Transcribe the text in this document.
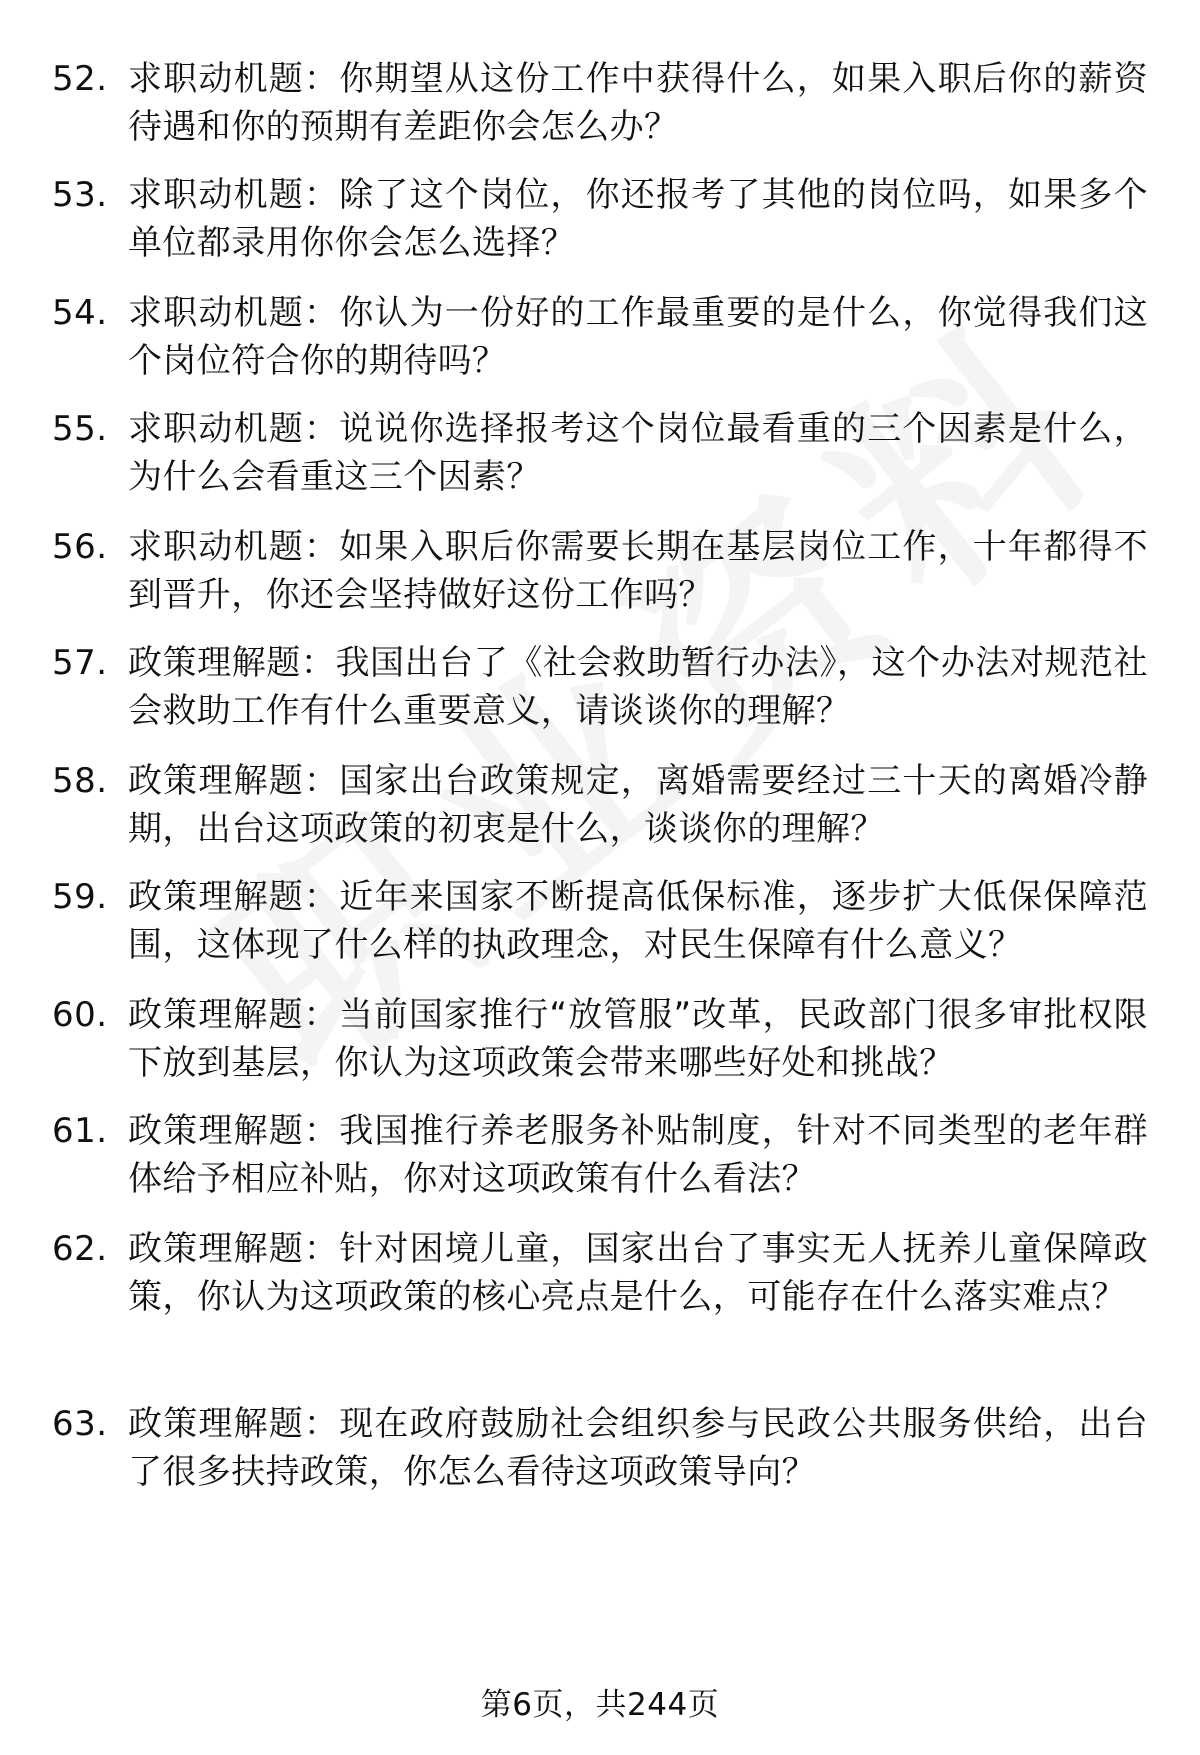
52. 求职动机题：你期望从这份工作中获得什么，如果入职后你的薪资待遇和你的预期有差距你会怎么办？
53. 求职动机题：除了这个岗位，你还报考了其他的岗位吗，如果多个单位都录用你你会怎么选择？
54. 求职动机题：你认为一份好的工作最重要的是什么，你觉得我们这个岗位符合你的期待吗？
55. 求职动机题：说说你选择报考这个岗位最看重的三个因素是什么，为什么会看重这三个因素？
56. 求职动机题：如果入职后你需要长期在基层岗位工作，十年都得不到晋升，你还会坚持做好这份工作吗？
57. 政策理解题：我国出台了《社会救助暂行办法》，这个办法对规范社会救助工作有什么重要意义，请谈谈你的理解？
58. 政策理解题：国家出台政策规定，离婚需要经过三十天的离婚冷静期，出台这项政策的初衷是什么，谈谈你的理解？
59. 政策理解题：近年来国家不断提高低保标准，逐步扩大低保保障范围，这体现了什么样的执政理念，对民生保障有什么意义？
60. 政策理解题：当前国家推行“放管服”改革，民政部门很多审批权限下放到基层，你认为这项政策会带来哪些好处和挑战？
61. 政策理解题：我国推行养老服务补贴制度，针对不同类型的老年群体给予相应补贴，你对这项政策有什么看法？
62. 政策理解题：针对困境儿童，国家出台了事实无人抚养儿童保障政策，你认为这项政策的核心亮点是什么，可能存在什么落实难点？
63. 政策理解题：现在政府鼓励社会组织参与民政公共服务供给，出台了很多扶持政策，你怎么看待这项政策导向？
第6页，共244页
